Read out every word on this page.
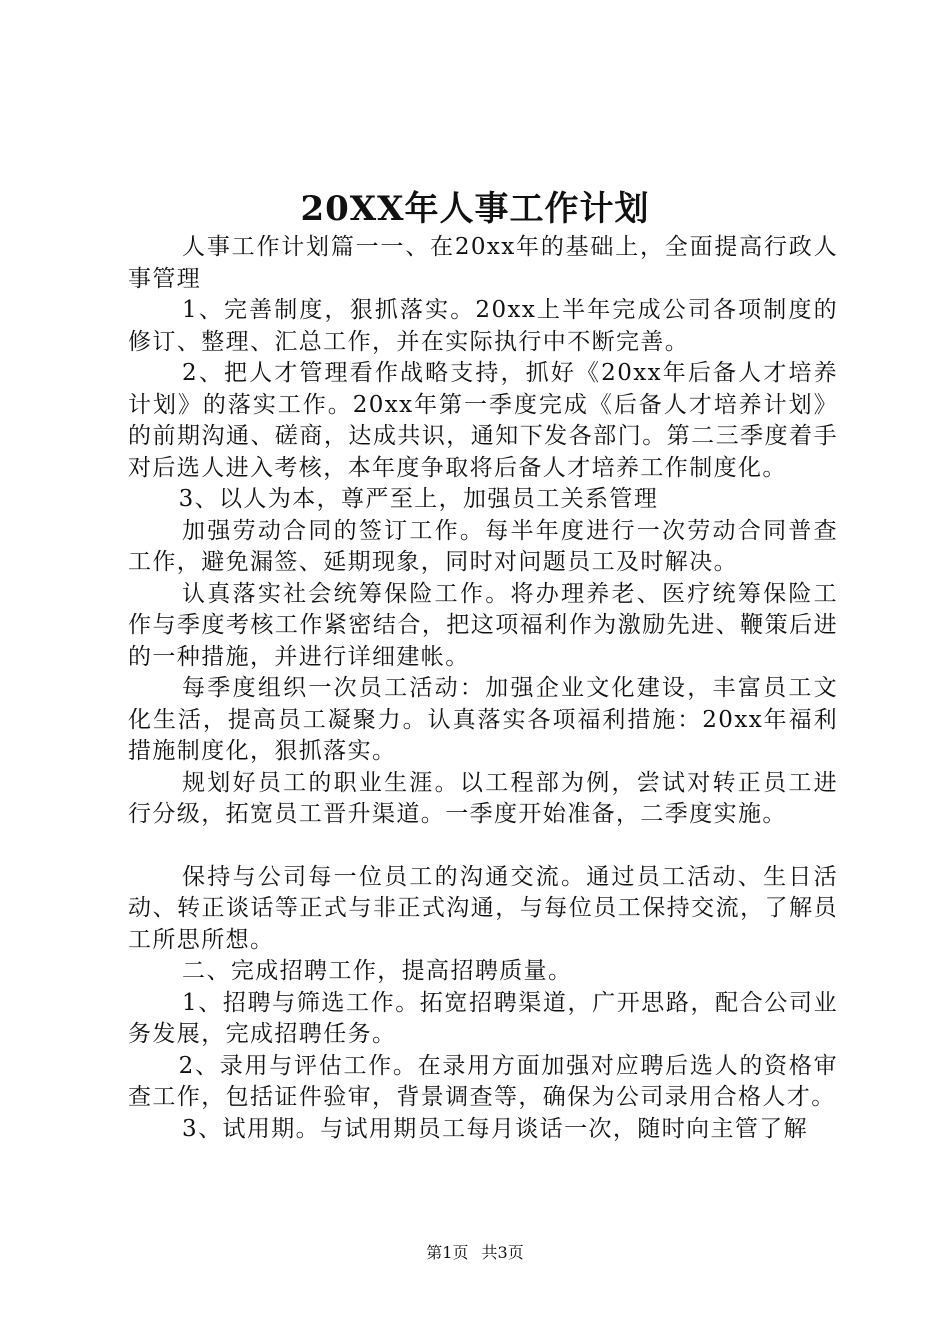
20XX年人事工作计划

人事工作计划篇一一、在20xx年的基础上，全面提高行政人事管理

1、完善制度，狠抓落实。20xx上半年完成公司各项制度的修订、整理、汇总工作，并在实际执行中不断完善。

2、把人才管理看作战略支持，抓好《20xx年后备人才培养计划》的落实工作。20xx年第一季度完成《后备人才培养计划》的前期沟通、磋商，达成共识，通知下发各部门。第二三季度着手对后选人进入考核，本年度争取将后备人才培养工作制度化。

3、以人为本，尊严至上，加强员工关系管理

加强劳动合同的签订工作。每半年度进行一次劳动合同普查工作，避免漏签、延期现象，同时对问题员工及时解决。

认真落实社会统筹保险工作。将办理养老、医疗统筹保险工作与季度考核工作紧密结合，把这项福利作为激励先进、鞭策后进的一种措施，并进行详细建帐。

每季度组织一次员工活动：加强企业文化建设，丰富员工文化生活，提高员工凝聚力。认真落实各项福利措施：20xx年福利措施制度化，狠抓落实。

规划好员工的职业生涯。以工程部为例，尝试对转正员工进行分级，拓宽员工晋升渠道。一季度开始准备，二季度实施。

保持与公司每一位员工的沟通交流。通过员工活动、生日活动、转正谈话等正式与非正式沟通，与每位员工保持交流，了解员工所思所想。

二、完成招聘工作，提高招聘质量。

1、招聘与筛选工作。拓宽招聘渠道，广开思路，配合公司业务发展，完成招聘任务。

2、录用与评估工作。在录用方面加强对应聘后选人的资格审查工作，包括证件验审，背景调查等，确保为公司录用合格人才。

3、试用期。与试用期员工每月谈话一次，随时向主管了解

第1页 共3页
